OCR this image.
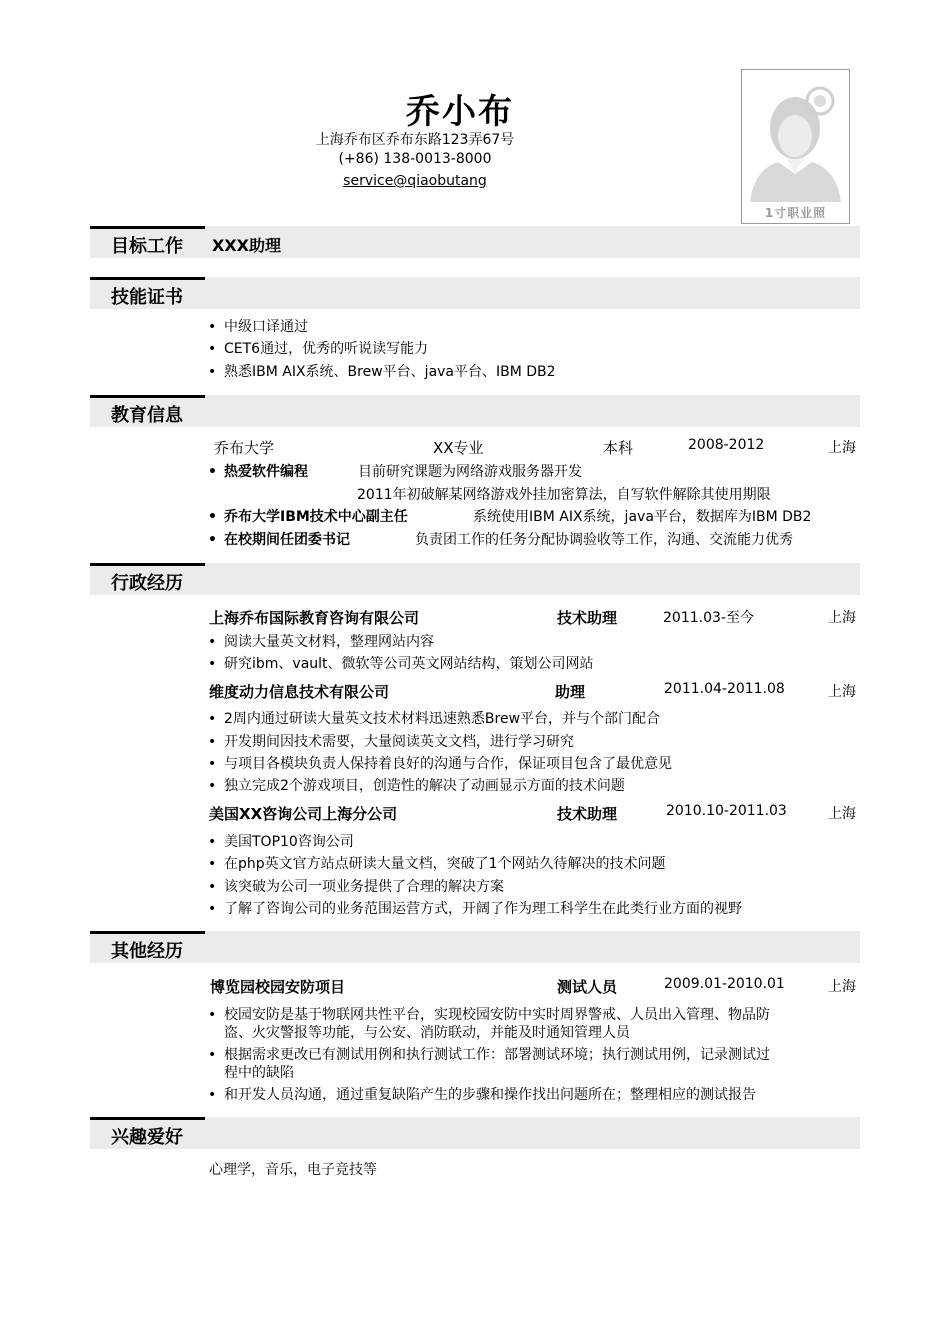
乔小布
上海乔布区乔布东路123弄67号
(+86) 138-0013-8000
service@qiaobutang
1寸职业照
目标工作 XXX助理
技能证书
• 中级口译通过
• CET6通过，优秀的听说读写能力
• 熟悉IBM AIX系统、Brew平台、java平台、IBM DB2
教育信息
乔布大学	XX专业	本科	2008-2012	上海
• 热爱软件编程	目前研究课题为网络游戏服务器开发
2011年初破解某网络游戏外挂加密算法，自写软件解除其使用期限
• 乔布大学IBM技术中心副主任	系统使用IBM AIX系统，java平台，数据库为IBM DB2
• 在校期间任团委书记	负责团工作的任务分配协调验收等工作，沟通、交流能力优秀
行政经历
上海乔布国际教育咨询有限公司	技术助理	2011.03-至今	上海
• 阅读大量英文材料，整理网站内容
• 研究ibm、vault、微软等公司英文网站结构，策划公司网站
维度动力信息技术有限公司	助理	2011.04-2011.08	上海
• 2周内通过研读大量英文技术材料迅速熟悉Brew平台，并与个部门配合
• 开发期间因技术需要，大量阅读英文文档，进行学习研究
• 与项目各模块负责人保持着良好的沟通与合作，保证项目包含了最优意见
• 独立完成2个游戏项目，创造性的解决了动画显示方面的技术问题
美国XX咨询公司上海分公司	技术助理	2010.10-2011.03	上海
• 美国TOP10咨询公司
• 在php英文官方站点研读大量文档，突破了1个网站久待解决的技术问题
• 该突破为公司一项业务提供了合理的解决方案
• 了解了咨询公司的业务范围运营方式，开阔了作为理工科学生在此类行业方面的视野
其他经历
博览园校园安防项目	测试人员	2009.01-2010.01	上海
• 校园安防是基于物联网共性平台，实现校园安防中实时周界警戒、人员出入管理、物品防
盗、火灾警报等功能，与公安、消防联动，并能及时通知管理人员
• 根据需求更改已有测试用例和执行测试工作：部署测试环境；执行测试用例，记录测试过
程中的缺陷
• 和开发人员沟通，通过重复缺陷产生的步骤和操作找出问题所在；整理相应的测试报告
兴趣爱好
心理学，音乐，电子竞技等
